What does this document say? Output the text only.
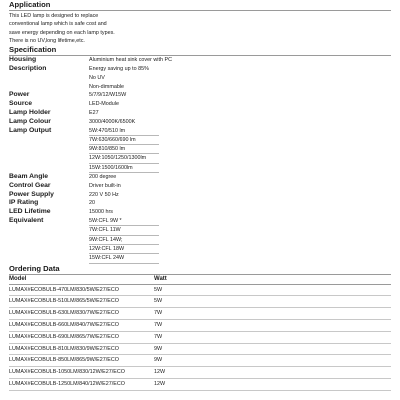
Application
This LED lamp is designed to replace
conventional lamp which is safe cost and
save energy depending on each lamp types.
There is no UV,long lifetime,etc.
Specification
Housing	Aluminium heat sink cover with PC
Description	Energy saving up to 85%
No UV
Non-dimmable
Power	5/7/9/12/W15W
Source	LED-Module
Lamp Holder	E27
Lamp Colour	3000/4000K/6500K
Lamp Output	5W:470/510 lm
7W:630/660/690 lm
9W:810/850 lm
12W:1050/1250/1300lm
15W:1500/1600lm
Beam Angle	200 degree
Control Gear	Driver built-in
Power Supply	220 V 50 Hz
IP Rating	20
LED Lifetime	15000 hrs
Equivalent	5W:CFL 9W *
7W:CFL 11W
9W:CFL 14W;
12W:CFL 18W
15W:CFL 24W
Ordering Data
Model	Watt
LUMAX#ECOBULB-470LM/830/5W/E27/ECO	5W
LUMAX#ECOBULB-510LM/865/5W/E27/ECO	5W
LUMAX#ECOBULB-630LM/830/7W/E27/ECO	7W
LUMAX#ECOBULB-660LM/840/7W/E27/ECO	7W
LUMAX#ECOBULB-690LM/865/7W/E27/ECO	7W
LUMAX#ECOBULB-810LM/830/9W/E27/ECO	9W
LUMAX#ECOBULB-850LM/865/9W/E27/ECO	9W
LUMAX#ECOBULB-1050LM/830/12W/E27/ECO	12W
LUMAX#ECOBULB-1250LM/840/12W/E27/ECO	12W
